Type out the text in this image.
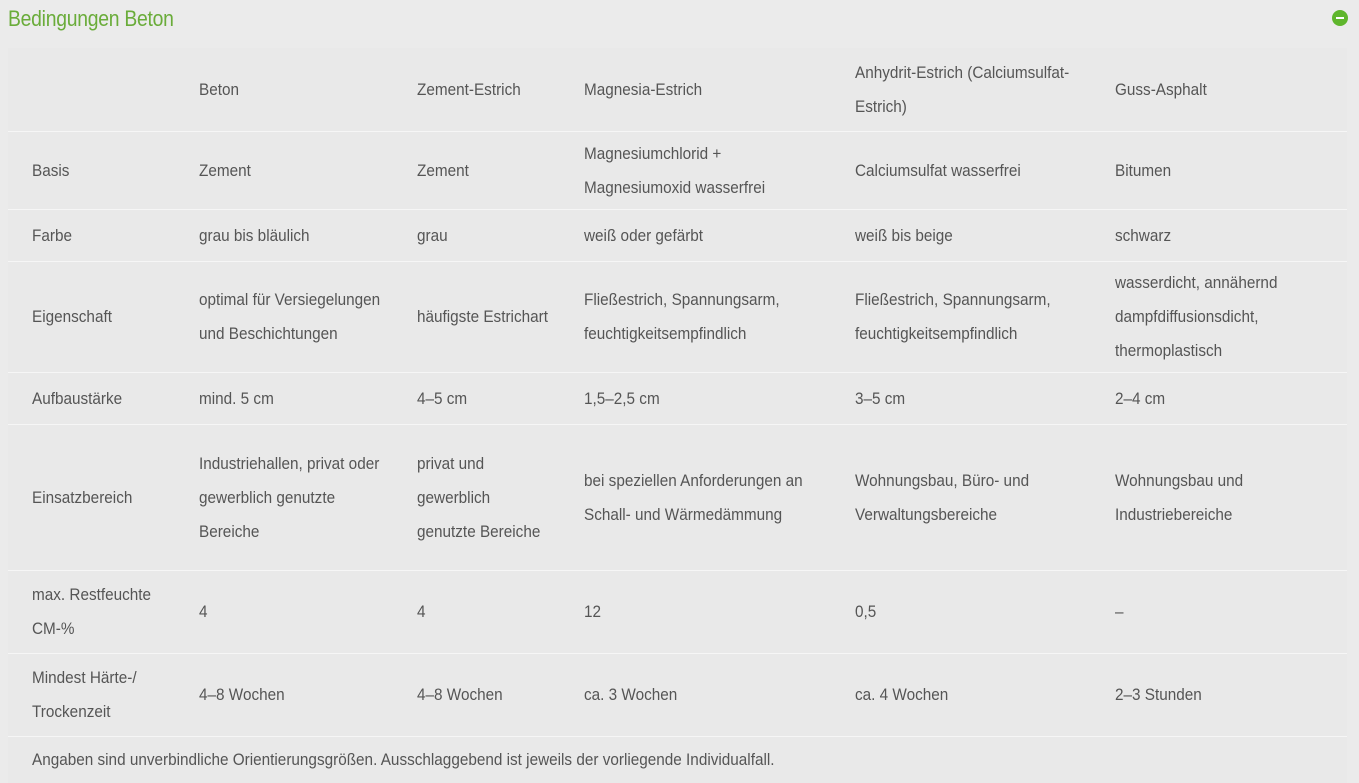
Bedingungen Beton
	Beton	Zement-Estrich	Magnesia-Estrich	Anhydrit-Estrich (Calciumsulfat-Estrich)	Guss-Asphalt
Basis	Zement	Zement	Magnesiumchlorid + Magnesiumoxid wasserfrei	Calciumsulfat wasserfrei	Bitumen
Farbe	grau bis bläulich	grau	weiß oder gefärbt	weiß bis beige	schwarz
Eigenschaft	optimal für Versiegelungen und Beschichtungen	häufigste Estrichart	Fließestrich, Spannungsarm, feuchtigkeitsempfindlich	Fließestrich, Spannungsarm, feuchtigkeitsempfindlich	wasserdicht, annähernd dampfdiffusionsdicht, thermoplastisch
Aufbaustärke	mind. 5 cm	4–5 cm	1,5–2,5 cm	3–5 cm	2–4 cm
Einsatzbereich	Industriehallen, privat oder gewerblich genutzte Bereiche	privat und gewerblich genutzte Bereiche	bei speziellen Anforderungen an Schall- und Wärmedämmung	Wohnungsbau, Büro- und Verwaltungsbereiche	Wohnungsbau und Industriebereiche
max. Restfeuchte CM-%	4	4	12	0,5	–
Mindest Härte-/ Trockenzeit	4–8 Wochen	4–8 Wochen	ca. 3 Wochen	ca. 4 Wochen	2–3 Stunden
Angaben sind unverbindliche Orientierungsgrößen. Ausschlaggebend ist jeweils der vorliegende Individualfall.					
